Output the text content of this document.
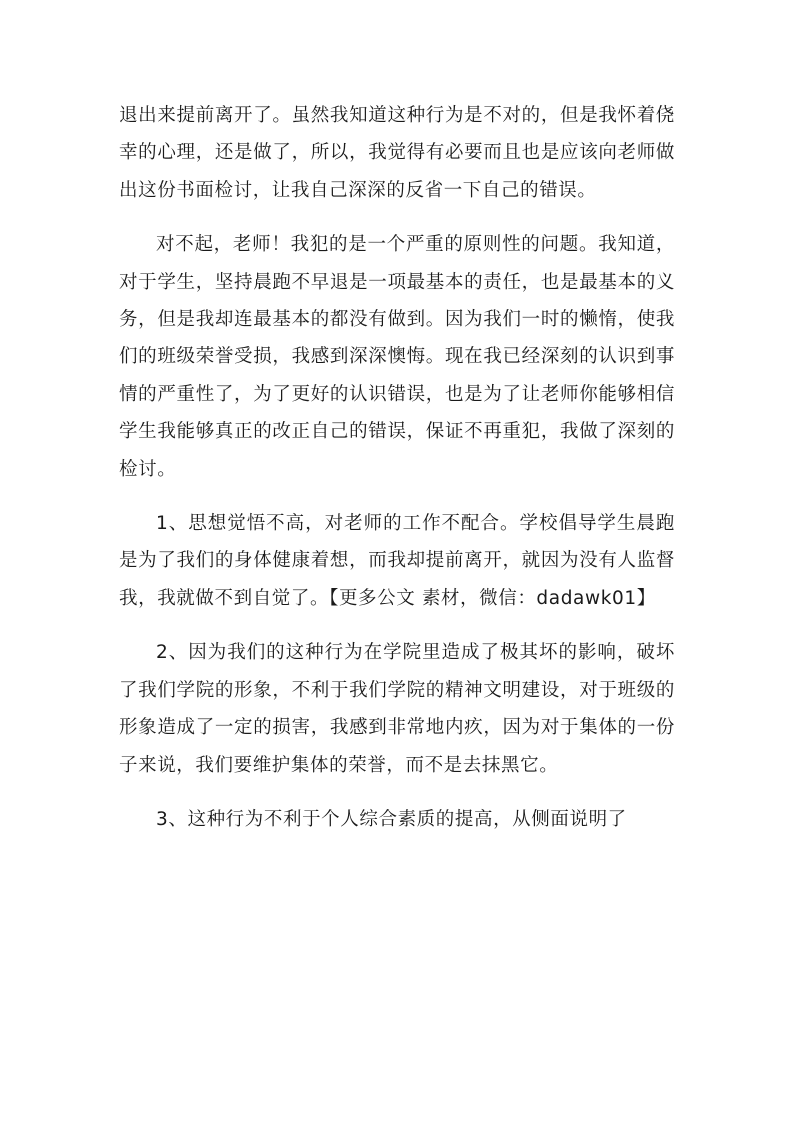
退出来提前离开了。虽然我知道这种行为是不对的，但是我怀着侥幸的心理，还是做了，所以，我觉得有必要而且也是应该向老师做出这份书面检讨，让我自己深深的反省一下自己的错误。

对不起，老师！我犯的是一个严重的原则性的问题。我知道，对于学生，坚持晨跑不早退是一项最基本的责任，也是最基本的义务，但是我却连最基本的都没有做到。因为我们一时的懒惰，使我们的班级荣誉受损，我感到深深懊悔。现在我已经深刻的认识到事情的严重性了，为了更好的认识错误，也是为了让老师你能够相信学生我能够真正的改正自己的错误，保证不再重犯，我做了深刻的检讨。

1、思想觉悟不高，对老师的工作不配合。学校倡导学生晨跑是为了我们的身体健康着想，而我却提前离开，就因为没有人监督我，我就做不到自觉了。【更多公文 素材，微信：dadawk01】

2、因为我们的这种行为在学院里造成了极其坏的影响，破坏了我们学院的形象，不利于我们学院的精神文明建设，对于班级的形象造成了一定的损害，我感到非常地内疚，因为对于集体的一份子来说，我们要维护集体的荣誉，而不是去抹黑它。

3、这种行为不利于个人综合素质的提高，从侧面说明了
